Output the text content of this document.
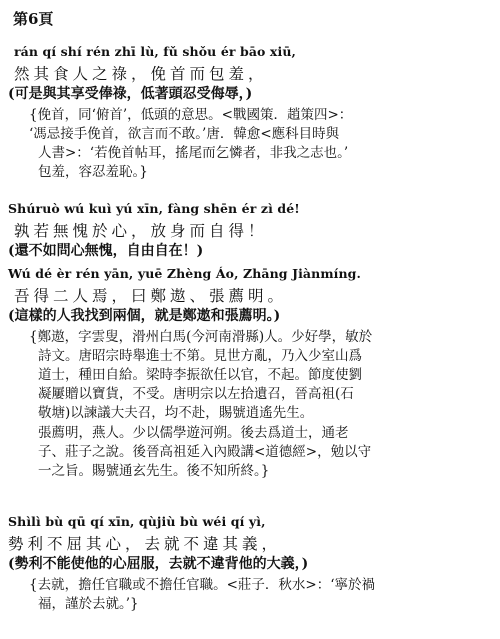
第6頁
rán qí shí rén zhī lù, fǔ shǒu ér bāo xiū,
然其食人之祿，俛首而包羞，
(可是與其享受俸祿，低著頭忍受侮辱，)
{俛首，同‘俯首’，低頭的意思。<戰國策．趙策四>：
‘馮忌接手俛首，欲言而不敢。’唐．韓愈<應科目時與
人書>：‘若俛首帖耳，搖尾而乞憐者，非我之志也。’
包羞，容忍羞恥。}
Shúruò wú kuì yú xīn, fàng shēn ér zì dé!
孰若無愧於心，放身而自得！
(還不如問心無愧，自由自在！)
Wú dé èr rén yān, yuē Zhèng Áo, Zhāng Jiànmíng.
吾得二人焉，曰鄭遨、張薦明。
(這樣的人我找到兩個，就是鄭遨和張薦明。)
{鄭遨，字雲叟，滑州白馬(今河南滑縣)人。少好學，敏於
詩文。唐昭宗時舉進士不第。見世方亂，乃入少室山爲
道士，種田自給。梁時李振欲任以官，不起。節度使劉
凝屢贈以寶貨，不受。唐明宗以左拾遺召，晉高祖(石
敬塘)以諫議大夫召，均不赴，賜號逍遙先生。
張薦明，燕人。少以儒學遊河朔。後去爲道士，通老
子、莊子之說。後晉高祖延入內殿講<道德經>，勉以守
一之旨。賜號通玄先生。後不知所終。}
Shìlì bù qū qí xīn, qùjiù bù wéi qí yì,
勢利不屈其心，去就不違其義，
(勢利不能使他的心屈服，去就不違背他的大義，)
{去就，擔任官職或不擔任官職。<莊子．秋水>：‘寧於禍
福，謹於去就。’}
